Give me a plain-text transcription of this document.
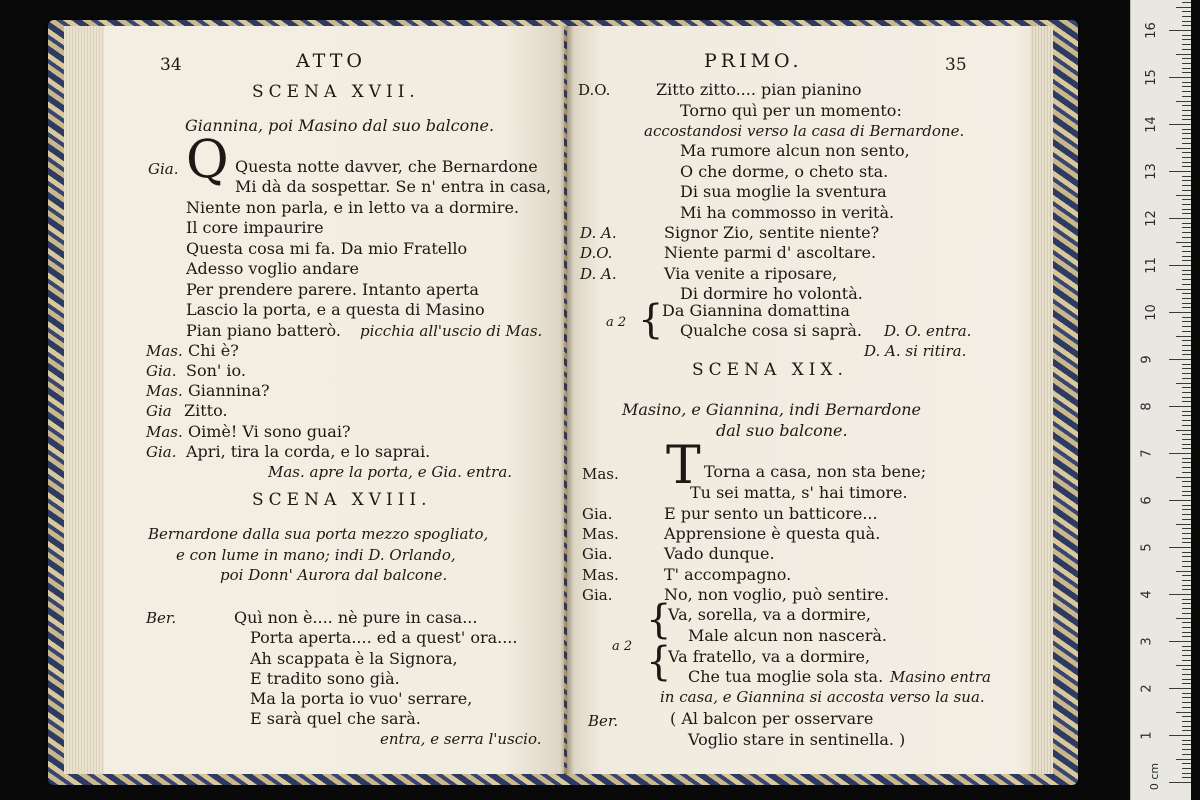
34	ATTO
SCENA XVII.
Giannina, poi Masino dal suo balcone.
Gia. Q Questa notte davver, che Bernardone
Mi dà da sospettar. Se n' entra in casa,
Niente non parla, e in letto va a dormire.
Il core impaurire
Questa cosa mi fa. Da mio Fratello
Adesso voglio andare
Per prendere parere. Intanto aperta
Lascio la porta, e a questa di Masino
Pian piano batterò. picchia all'uscio di Mas.
Mas. Chi è?
Gia. Son' io.
Mas. Giannina?
Gia Zitto.
Mas. Oimè! Vi sono guai?
Gia. Apri, tira la corda, e lo saprai.
Mas. apre la porta, e Gia. entra.
SCENA XVIII.
Bernardone dalla sua porta mezzo spogliato,
e con lume in mano; indi D. Orlando,
poi Donn' Aurora dal balcone.
Ber.	Quì non è.... nè pure in casa...
Porta aperta.... ed a quest' ora....
Ah scappata è la Signora,
E tradito sono già.
Ma la porta io vuo' serrare,
E sarà quel che sarà.
entra, e serra l'uscio.
PRIMO.	35
D.O.	Zitto zitto.... pian pianino
Torno quì per un momento:
accostandosi verso la casa di Bernardone.
Ma rumore alcun non sento,
O che dorme, o cheto sta.
Di sua moglie la sventura
Mi ha commosso in verità.
D. A.	Signor Zio, sentite niente?
D.O.	Niente parmi d' ascoltare.
D. A.	Via venite a riposare,
Di dormire ho volontà.
a 2 {
Da Giannina domattina
Qualche cosa si saprà. D. O. entra.
D. A. si ritira.
SCENA XIX.
Masino, e Giannina, indi Bernardone
dal suo balcone.
Mas. T Torna a casa, non sta bene;
Tu sei matta, s' hai timore.
Gia.	E pur sento un batticore...
Mas.	Apprensione è questa quà.
Gia.	Vado dunque.
Mas.	T' accompagno.
Gia.	No, non voglio, può sentire.
{
Va, sorella, va a dormire,
Male alcun non nascerà.
a 2 {
Va fratello, va a dormire,
Che tua moglie sola sta. Masino entra
in casa, e Giannina si accosta verso la sua.
Ber.	( Al balcon per osservare
Voglio stare in sentinella. )	1
2
3
4
5
6
7
8
9
10
11
12
13
14
15
16
0 cm
